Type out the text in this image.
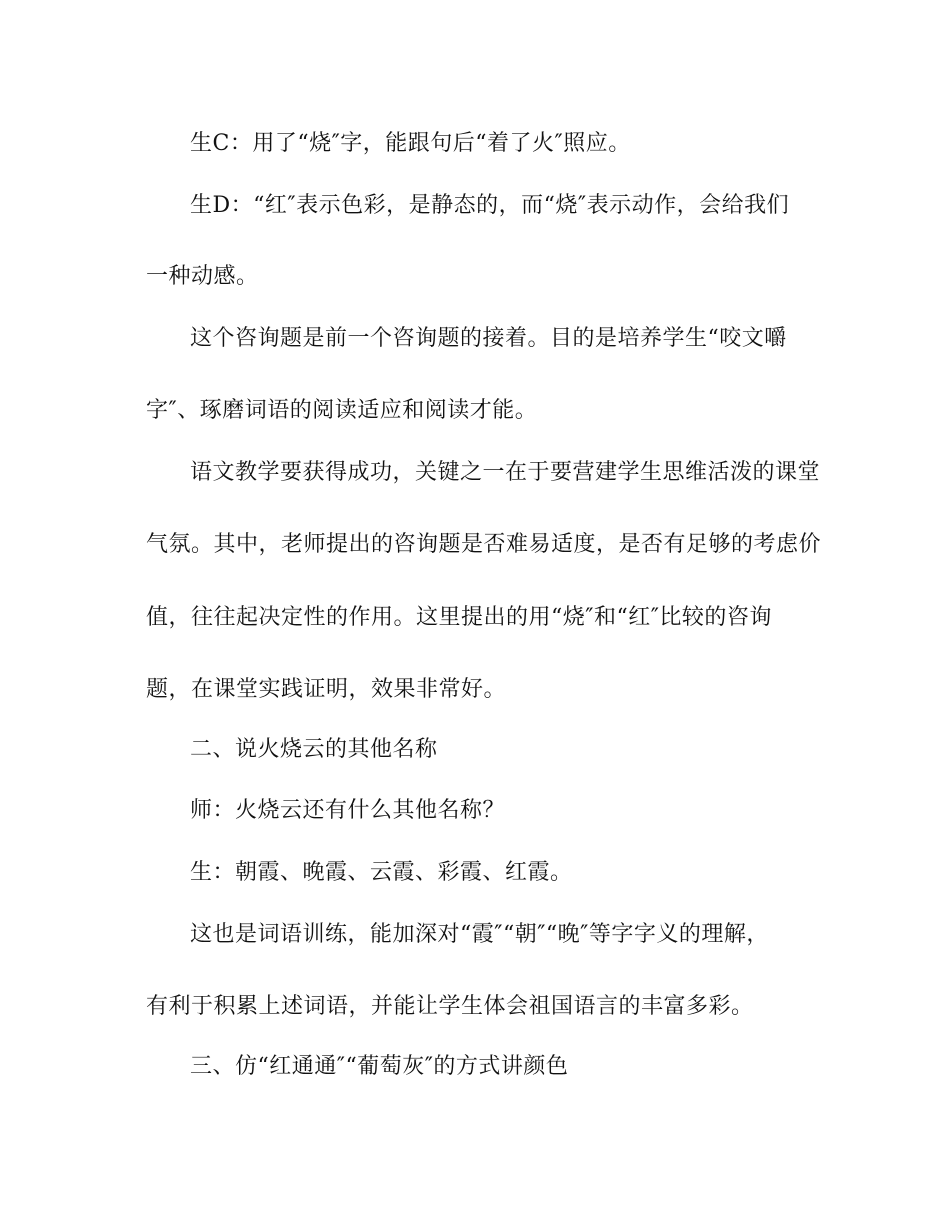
生C：用了“烧″字，能跟句后“着了火″照应。
生D：“红″表示色彩，是静态的，而“烧″表示动作，会给我们
一种动感。
这个咨询题是前一个咨询题的接着。目的是培养学生“咬文嚼
字″、琢磨词语的阅读适应和阅读才能。
语文教学要获得成功，关键之一在于要营建学生思维活泼的课堂
气氛。其中，老师提出的咨询题是否难易适度，是否有足够的考虑价
值，往往起决定性的作用。这里提出的用“烧″和“红″比较的咨询
题，在课堂实践证明，效果非常好。
二、说火烧云的其他名称
师：火烧云还有什么其他名称？
生：朝霞、晚霞、云霞、彩霞、红霞。
这也是词语训练，能加深对“霞″“朝″“晚″等字字义的理解，
有利于积累上述词语，并能让学生体会祖国语言的丰富多彩。
三、仿“红通通″“葡萄灰″的方式讲颜色
